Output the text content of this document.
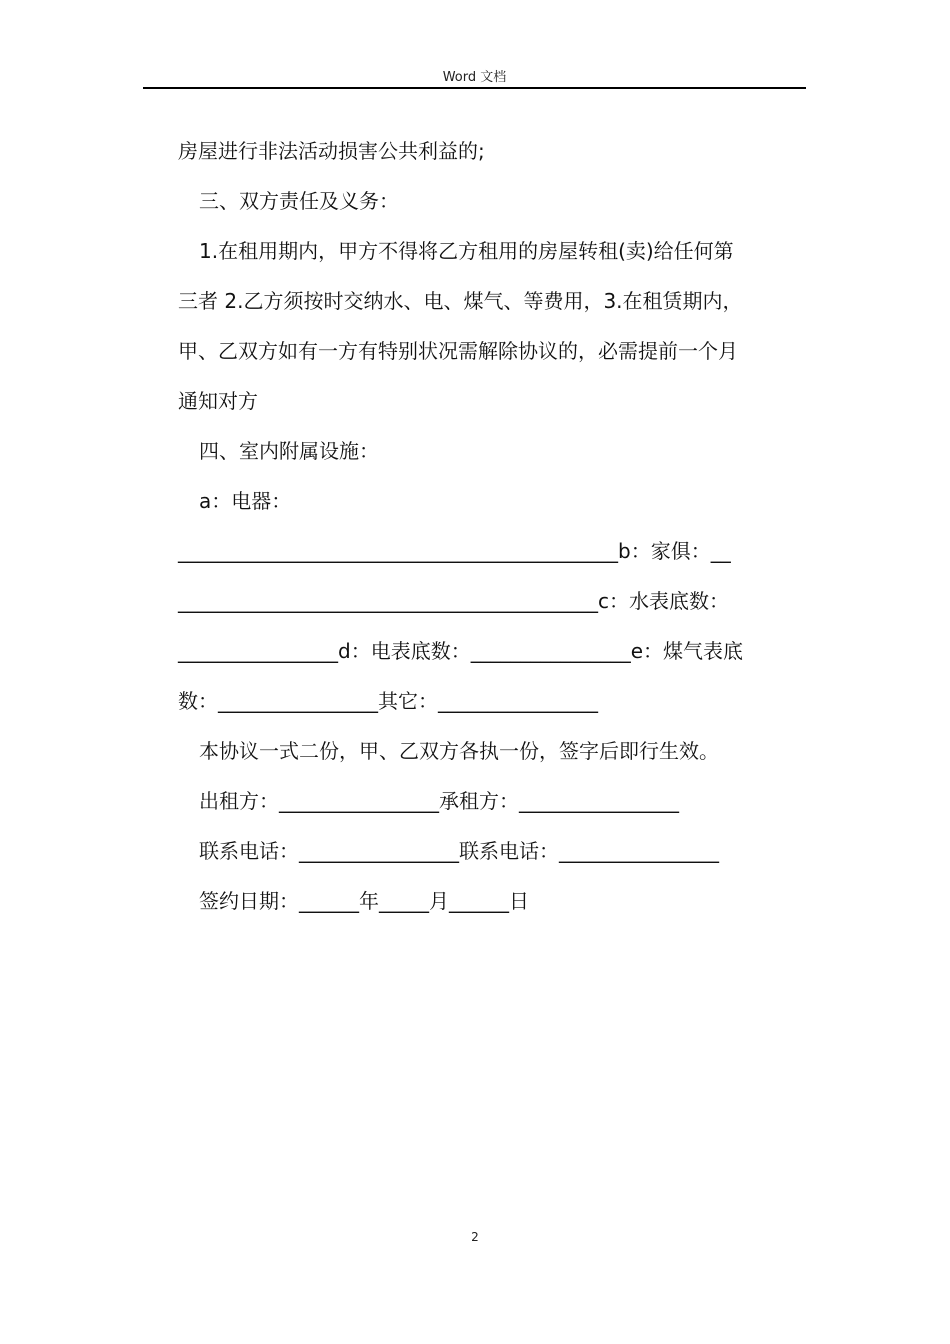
Word 文档
房屋进行非法活动损害公共利益的;
三、双方责任及义务：
1.在租用期内，甲方不得将乙方租用的房屋转租(卖)给任何第
三者 2.乙方须按时交纳水、电、煤气、等费用，3.在租赁期内，
甲、乙双方如有一方有特别状况需解除协议的，必需提前一个月
通知对方
四、室内附属设施：
a：电器：
____________________________________________b：家俱：__
__________________________________________c：水表底数：
________________d：电表底数：________________e：煤气表底
数：________________其它：________________
本协议一式二份，甲、乙双方各执一份，签字后即行生效。
出租方：________________承租方：________________
联系电话：________________联系电话：________________
签约日期：______年_____月______日
2
